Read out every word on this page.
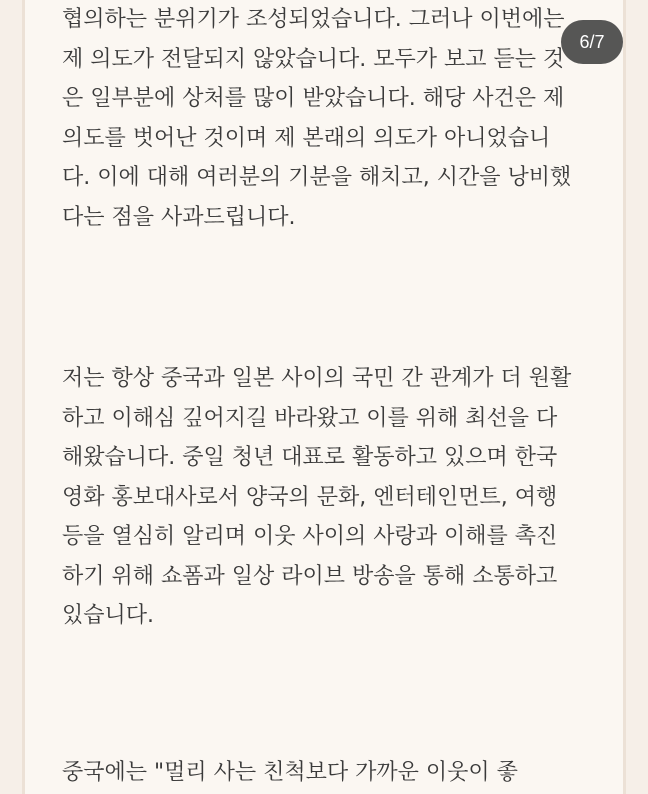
협의하는 분위기가 조성되었습니다. 그러나 이번에는
제 의도가 전달되지 않았습니다. 모두가 보고 듣는 것
은 일부분에 상처를 많이 받았습니다. 해당 사건은 제
의도를 벗어난 것이며 제 본래의 의도가 아니었습니
다. 이에 대해 여러분의 기분을 해치고, 시간을 낭비했
다는 점을 사과드립니다.
저는 항상 중국과 일본 사이의 국민 간 관계가 더 원활
하고 이해심 깊어지길 바라왔고 이를 위해 최선을 다
해왔습니다. 중일 청년 대표로 활동하고 있으며 한국
영화 홍보대사로서 양국의 문화, 엔터테인먼트, 여행
등을 열심히 알리며 이웃 사이의 사랑과 이해를 촉진
하기 위해 쇼폼과 일상 라이브 방송을 통해 소통하고
있습니다.
중국에는 "멀리 사는 친척보다 가까운 이웃이 좋
6/7
